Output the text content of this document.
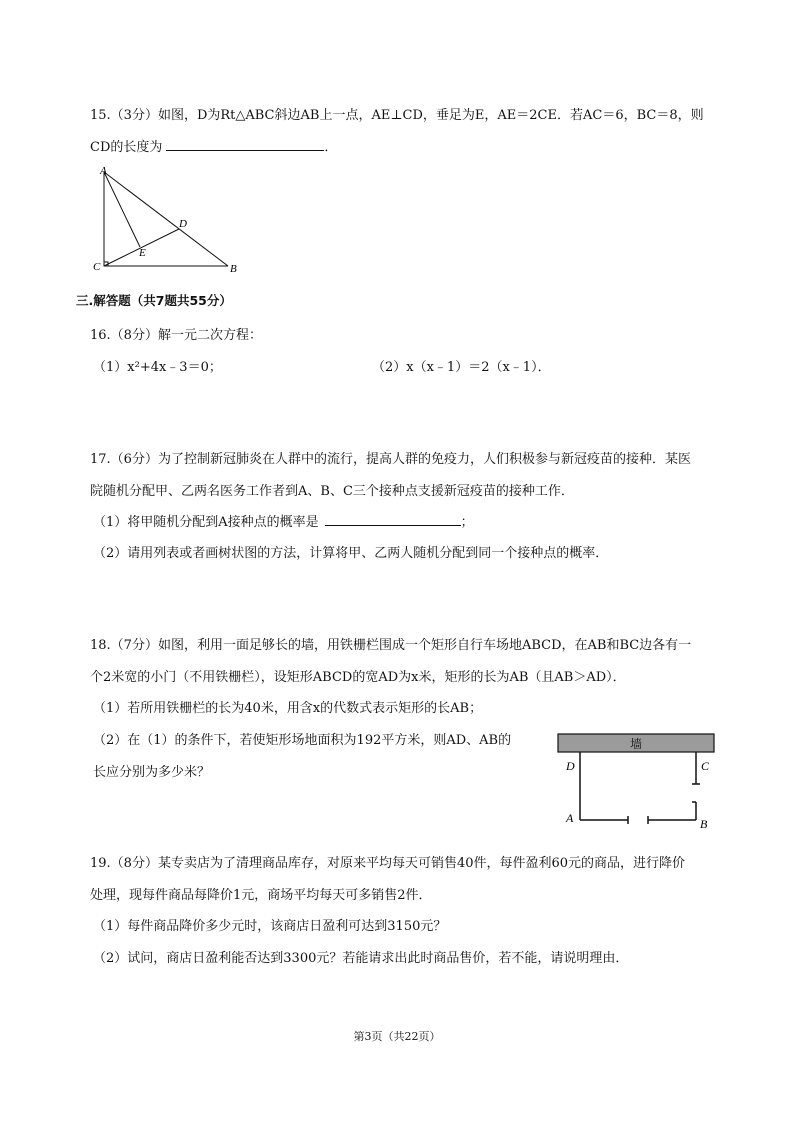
15.（3分）如图，D为Rt△ABC斜边AB上一点，AE⊥CD，垂足为E，AE＝2CE．若AC＝6，BC＝8，则
CD的长度为	．
A
B
C
D
E
三.解答题（共7题共55分）
16.（8分）解一元二次方程：
（1）x²+4x﹣3＝0；	（2）x（x﹣1）＝2（x﹣1）．
17.（6分）为了控制新冠肺炎在人群中的流行，提高人群的免疫力，人们积极参与新冠疫苗的接种．某医
院随机分配甲、乙两名医务工作者到A、B、C三个接种点支援新冠疫苗的接种工作．
（1）将甲随机分配到A接种点的概率是	；
（2）请用列表或者画树状图的方法，计算将甲、乙两人随机分配到同一个接种点的概率．
18.（7分）如图，利用一面足够长的墙，用铁栅栏围成一个矩形自行车场地ABCD，在AB和BC边各有一
个2米宽的小门（不用铁栅栏），设矩形ABCD的宽AD为x米，矩形的长为AB（且AB＞AD）．
（1）若所用铁栅栏的长为40米，用含x的代数式表示矩形的长AB；
（2）在（1）的条件下，若使矩形场地面积为192平方米，则AD、AB的
长应分别为多少米？
墙
D	C
A	B
19.（8分）某专卖店为了清理商品库存，对原来平均每天可销售40件，每件盈利60元的商品，进行降价
处理，现每件商品每降价1元，商场平均每天可多销售2件．
（1）每件商品降价多少元时，该商店日盈利可达到3150元？
（2）试问，商店日盈利能否达到3300元？若能请求出此时商品售价，若不能，请说明理由．
第3页（共22页）
